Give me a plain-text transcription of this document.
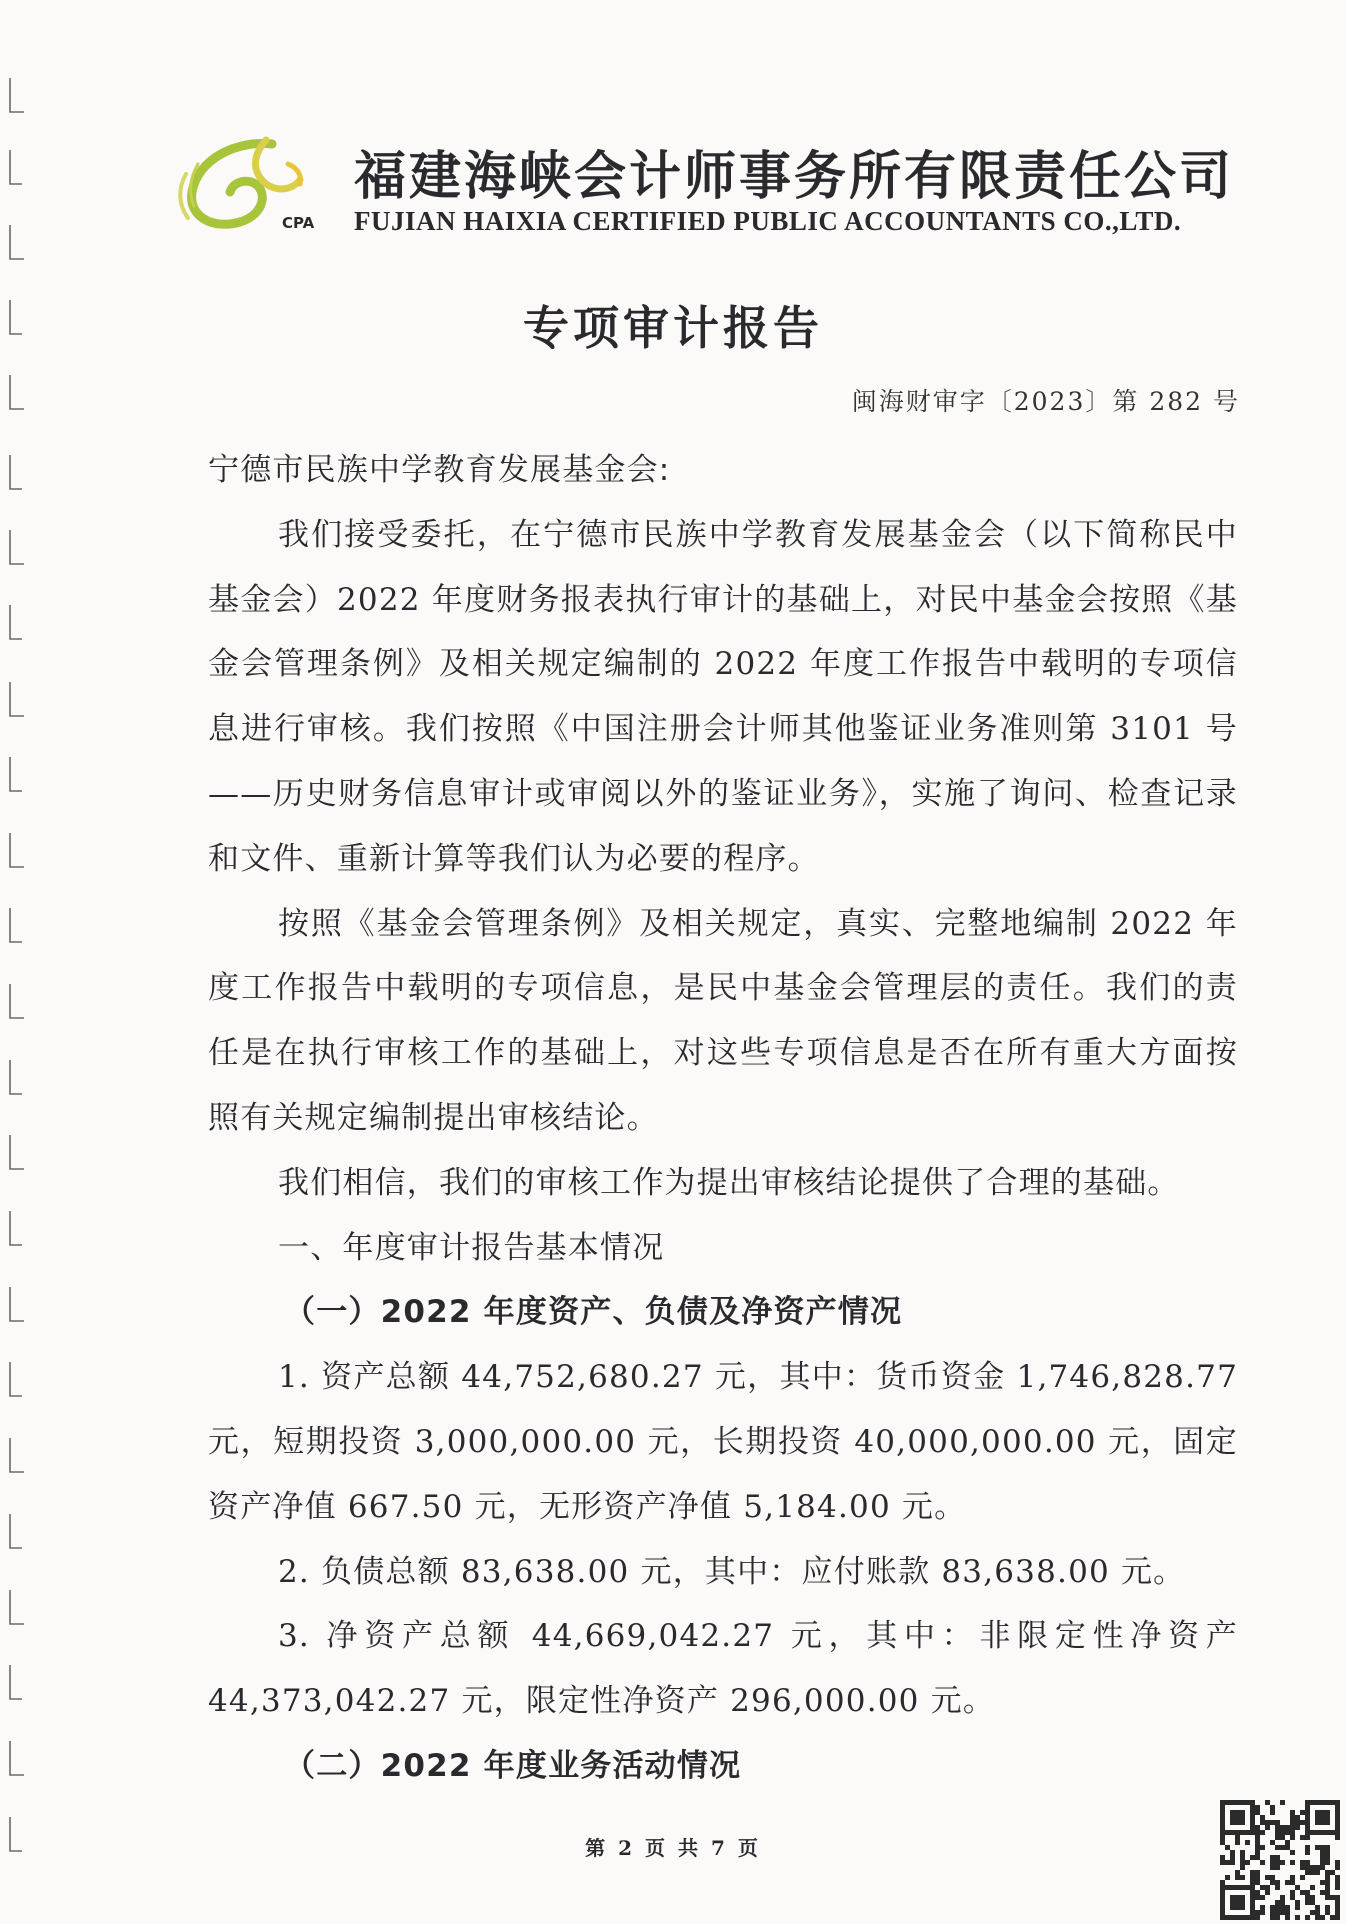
CPA
福建海峡会计师事务所有限责任公司
FUJIAN HAIXIA CERTIFIED PUBLIC ACCOUNTANTS CO.,LTD.
专项审计报告
闽海财审字〔2023〕第 282 号

宁德市民族中学教育发展基金会:

我们接受委托，在宁德市民族中学教育发展基金会（以下简称民中基金会）2022 年度财务报表执行审计的基础上，对民中基金会按照《基金会管理条例》及相关规定编制的 2022 年度工作报告中载明的专项信息进行审核。我们按照《中国注册会计师其他鉴证业务准则第 3101 号——历史财务信息审计或审阅以外的鉴证业务》，实施了询问、检查记录和文件、重新计算等我们认为必要的程序。

按照《基金会管理条例》及相关规定，真实、完整地编制 2022 年度工作报告中载明的专项信息，是民中基金会管理层的责任。我们的责任是在执行审核工作的基础上，对这些专项信息是否在所有重大方面按照有关规定编制提出审核结论。

我们相信，我们的审核工作为提出审核结论提供了合理的基础。

一、年度审计报告基本情况

（一）2022 年度资产、负债及净资产情况

1. 资产总额 44,752,680.27 元，其中：货币资金 1,746,828.77 元，短期投资 3,000,000.00 元，长期投资 40,000,000.00 元，固定资产净值 667.50 元，无形资产净值 5,184.00 元。

2. 负债总额 83,638.00 元，其中：应付账款 83,638.00 元。

3. 净资产总额 44,669,042.27 元，其中：非限定性净资产 44,373,042.27 元，限定性净资产 296,000.00 元。

（二）2022 年度业务活动情况

第 2 页 共 7 页
